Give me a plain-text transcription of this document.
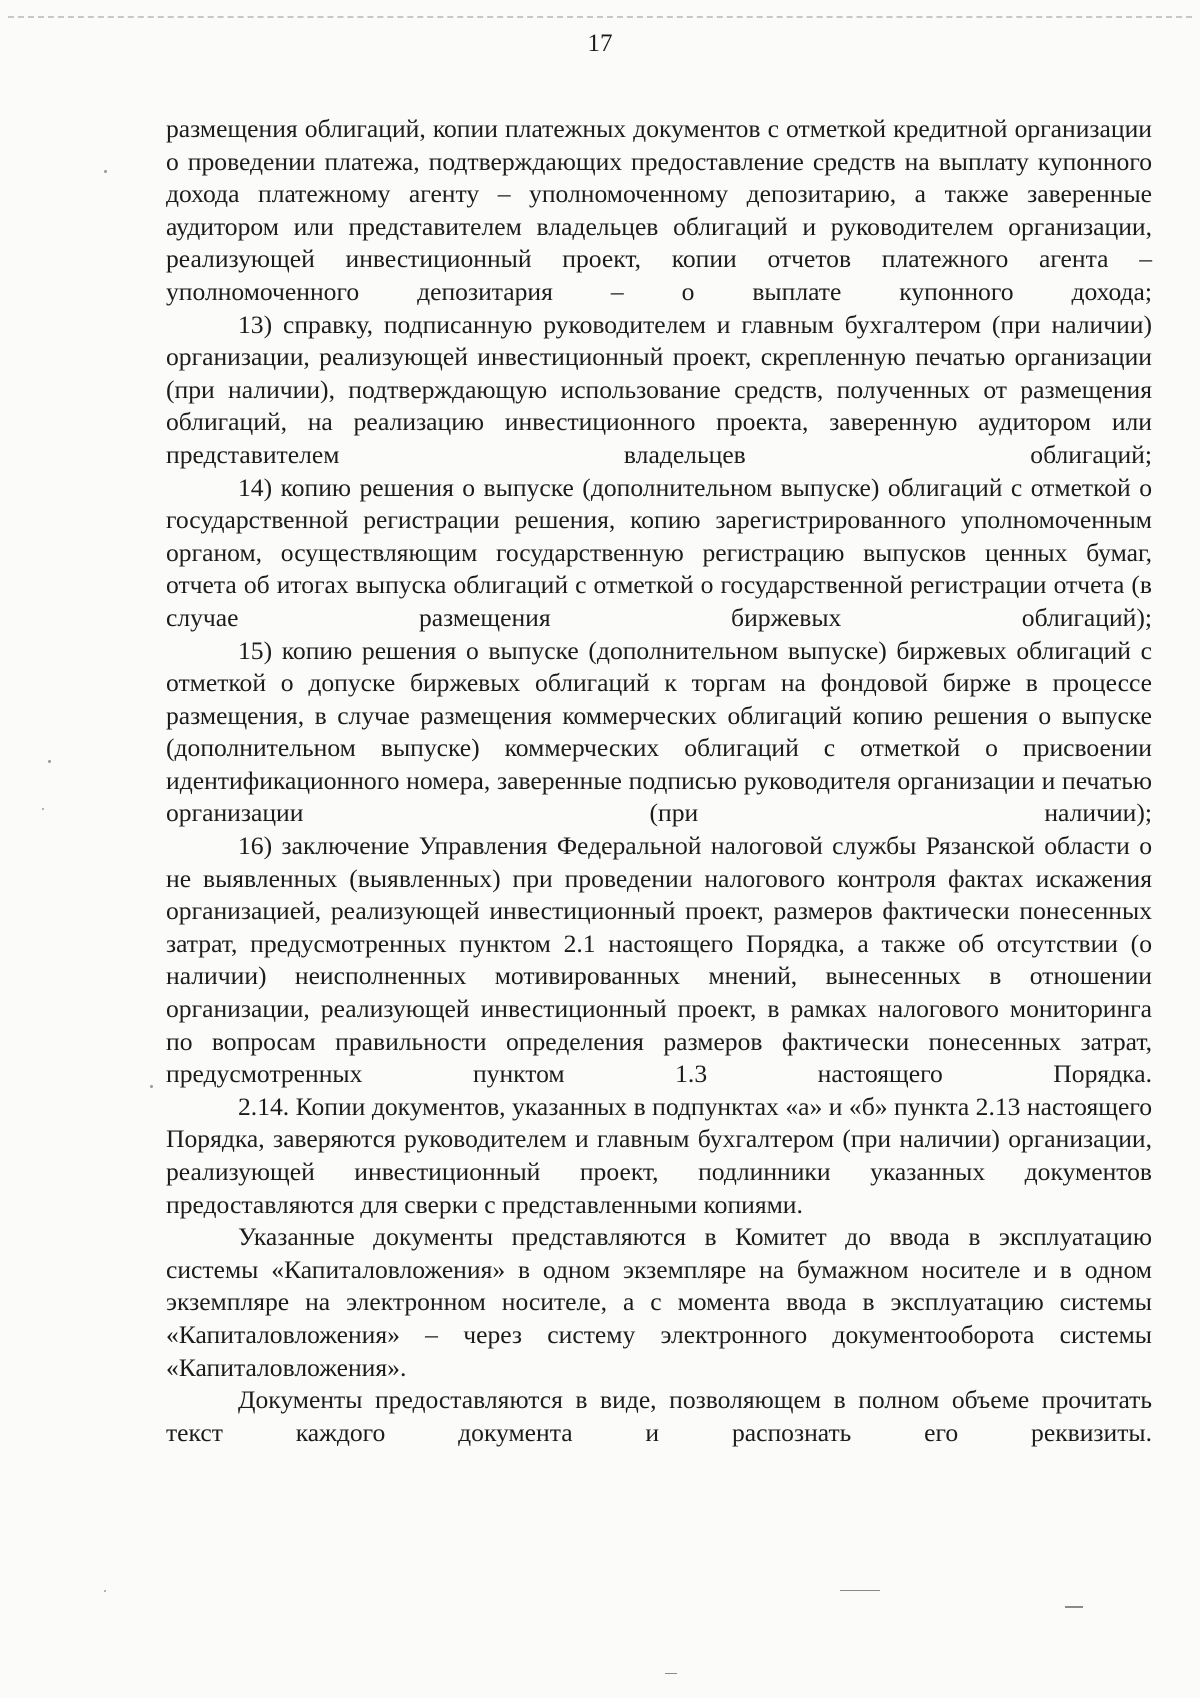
17

размещения облигаций, копии платежных документов с отметкой кредитной организации о проведении платежа, подтверждающих предоставление средств на выплату купонного дохода платежному агенту – уполномоченному депозитарию, а также заверенные аудитором или представителем владельцев облигаций и руководителем организации, реализующей инвестиционный проект, копии отчетов платежного агента – уполномоченного депозитария – о выплате купонного дохода;

13) справку, подписанную руководителем и главным бухгалтером (при наличии) организации, реализующей инвестиционный проект, скрепленную печатью организации (при наличии), подтверждающую использование средств, полученных от размещения облигаций, на реализацию инвестиционного проекта, заверенную аудитором или представителем владельцев облигаций;

14) копию решения о выпуске (дополнительном выпуске) облигаций с отметкой о государственной регистрации решения, копию зарегистрированного уполномоченным органом, осуществляющим государственную регистрацию выпусков ценных бумаг, отчета об итогах выпуска облигаций с отметкой о государственной регистрации отчета (в случае размещения биржевых облигаций);

15) копию решения о выпуске (дополнительном выпуске) биржевых облигаций с отметкой о допуске биржевых облигаций к торгам на фондовой бирже в процессе размещения, в случае размещения коммерческих облигаций копию решения о выпуске (дополнительном выпуске) коммерческих облигаций с отметкой о присвоении идентификационного номера, заверенные подписью руководителя организации и печатью организации (при наличии);

16) заключение Управления Федеральной налоговой службы Рязанской области о не выявленных (выявленных) при проведении налогового контроля фактах искажения организацией, реализующей инвестиционный проект, размеров фактически понесенных затрат, предусмотренных пунктом 2.1 настоящего Порядка, а также об отсутствии (о наличии) неисполненных мотивированных мнений, вынесенных в отношении организации, реализующей инвестиционный проект, в рамках налогового мониторинга по вопросам правильности определения размеров фактически понесенных затрат, предусмотренных пунктом 1.3 настоящего Порядка.

2.14. Копии документов, указанных в подпунктах «а» и «б» пункта 2.13 настоящего Порядка, заверяются руководителем и главным бухгалтером (при наличии) организации, реализующей инвестиционный проект, подлинники указанных документов предоставляются для сверки с представленными копиями.

Указанные документы представляются в Комитет до ввода в эксплуатацию системы «Капиталовложения» в одном экземпляре на бумажном носителе и в одном экземпляре на электронном носителе, а с момента ввода в эксплуатацию системы «Капиталовложения» – через систему электронного документооборота системы «Капиталовложения».

Документы предоставляются в виде, позволяющем в полном объеме прочитать текст каждого документа и распознать его реквизиты.
